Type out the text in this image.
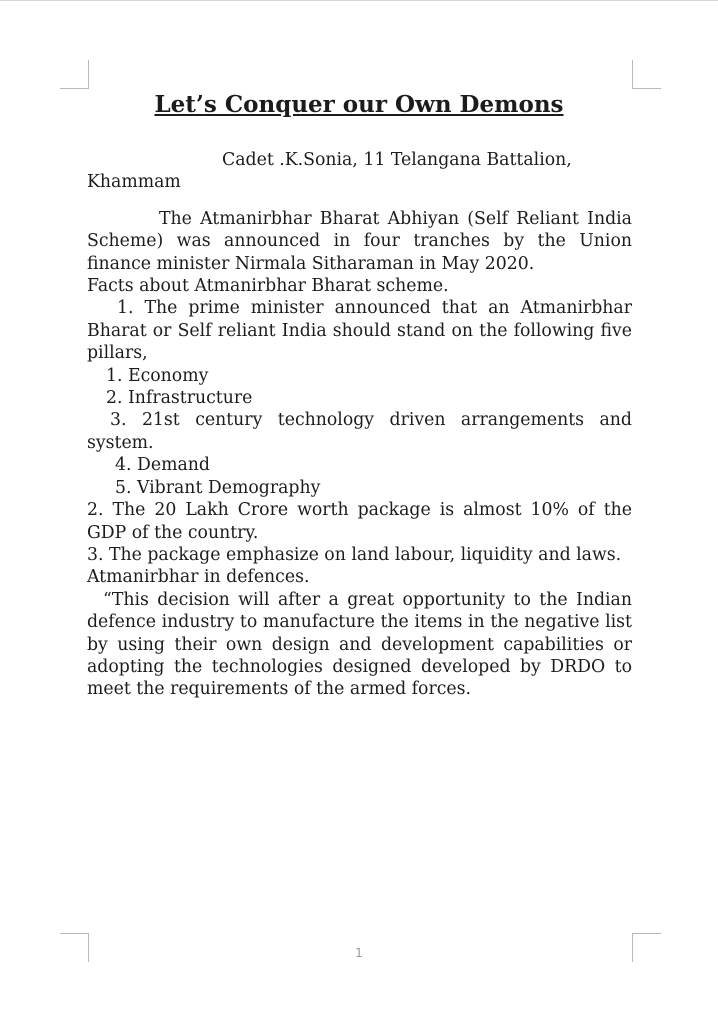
Let’s Conquer our Own Demons

Cadet .K.Sonia, 11 Telangana Battalion,

Khammam

The Atmanirbhar Bharat Abhiyan (Self Reliant India Scheme) was announced in four tranches by the Union finance minister Nirmala Sitharaman in May 2020.

Facts about Atmanirbhar Bharat scheme.

1. The prime minister announced that an Atmanirbhar Bharat or Self reliant India should stand on the following five pillars,

1. Economy

2. Infrastructure

3. 21st century technology driven arrangements and system.

4. Demand

5. Vibrant Demography

2. The 20 Lakh Crore worth package is almost 10% of the GDP of the country.

3. The package emphasize on land labour, liquidity and laws.

Atmanirbhar in defences.

“This decision will after a great opportunity to the Indian defence industry to manufacture the items in the negative list by using their own design and development capabilities or adopting the technologies designed developed by DRDO to meet the requirements of the armed forces.

1
